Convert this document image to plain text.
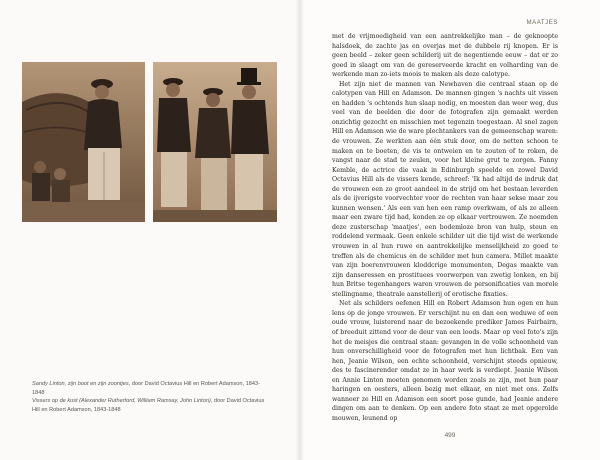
Sandy Linton, zijn boot en zijn zoontjes, door David Octavius Hill en Robert Adamson, 1843-1848
Vissers op de kust (Alexander Rutherford, William Ramsay, John Linton), door David Octavius Hill en Robert Adamson, 1843-1848
MAATJES

met de vrijmoedigheid van een aantrekkelijke man – de geknoopte halsdoek, de zachte jas en overjas met de dubbele rij knopen. Er is geen beeld – zeker geen schilderij uit de negentiende eeuw – dat er zo goed in slaagt om van de gereserveerde kracht en volharding van de werkende man zo-iets moois te maken als deze calotype.

Het zijn niet de mannen van Newhaven die centraal staan op de calotypen van Hill en Adamson. De mannen gingen 's nachts uit vissen en hadden 's ochtends hun slaap nodig, en moesten dan weer weg, dus veel van de beelden die door de fotografen zijn gemaakt werden onzichtig gezocht en misschien met tegenzin toegestaan. Al snel zagen Hill en Adamson wie de ware plechtankers van de gemeenschap waren: de vrouwen. Ze werkten aan één stuk door, om de netten schoon te maken en te boeten, de vis te ontweien en te zouten of te roken, de vangst naar de stad te zeulen, voor het kleine grut te zorgen. Fanny Kemble, de actrice die vaak in Edinburgh speelde en zowel David Octavius Hill als de vissers kende, schreef: 'Ik had altijd de indruk dat de vrouwen een zo groot aandeel in de strijd om het bestaan leverden als de ijverigste voorvechter voor de rechten van haar sekse maar zou kunnen wensen.' Als een van hen een ramp overkwam, of als ze alleen maar een zware tijd had, konden ze op elkaar vertrouwen. Ze noemden deze zusterschap 'maatjes', een bodemloze bron van hulp, steun en roddelend vermaak. Geen enkele schilder uit die tijd wist de werkende vrouwen in al hun ruwe en aantrekkelijke menselijkheid zo goed te treffen als de chemicus en de schilder met hun camera. Millet maakte van zijn boerenvrouwen kloddcrige monumenten, Degas maakte van zijn danseressen en prostituees voorwerpen van zwetig lonken, en bij hun Britse tegenhangers waren vrouwen de personificaties van morele stellingname, theatrale aanstellerij of erotische fixaties.

Net als schilders oefenen Hill en Robert Adamson hun ogen en hun lens op de jonge vrouwen. Er verschijnt nu en dan een weduwe of een oude vrouw, luisterend naar de bezoekende prediker James Fairbairn, of breeduit zittend voor de deur van een loods. Maar op veel foto's zijn het de meisjes die centraal staan: gevangen in de volle schoonheid van hun onverschilligheid voor de fotografen met hun lichtbak. Een van hen, Jeanie Wilson, een echte schoonheid, verschijnt steeds opnieuw, des te fascinerender omdat ze in haar werk is verdiept. Jeanie Wilson en Annie Linton moeten genomen worden zoals ze zijn, met hun paar haringen en oesters, alleen bezig met elkaar, en niet met ons. Zelfs wanneer ze Hill en Adamson een soort pose gunde, had Jeanie andere dingen om aan te denken. Op een andere foto staat ze met opgerolde mouwen, leunend op

499
